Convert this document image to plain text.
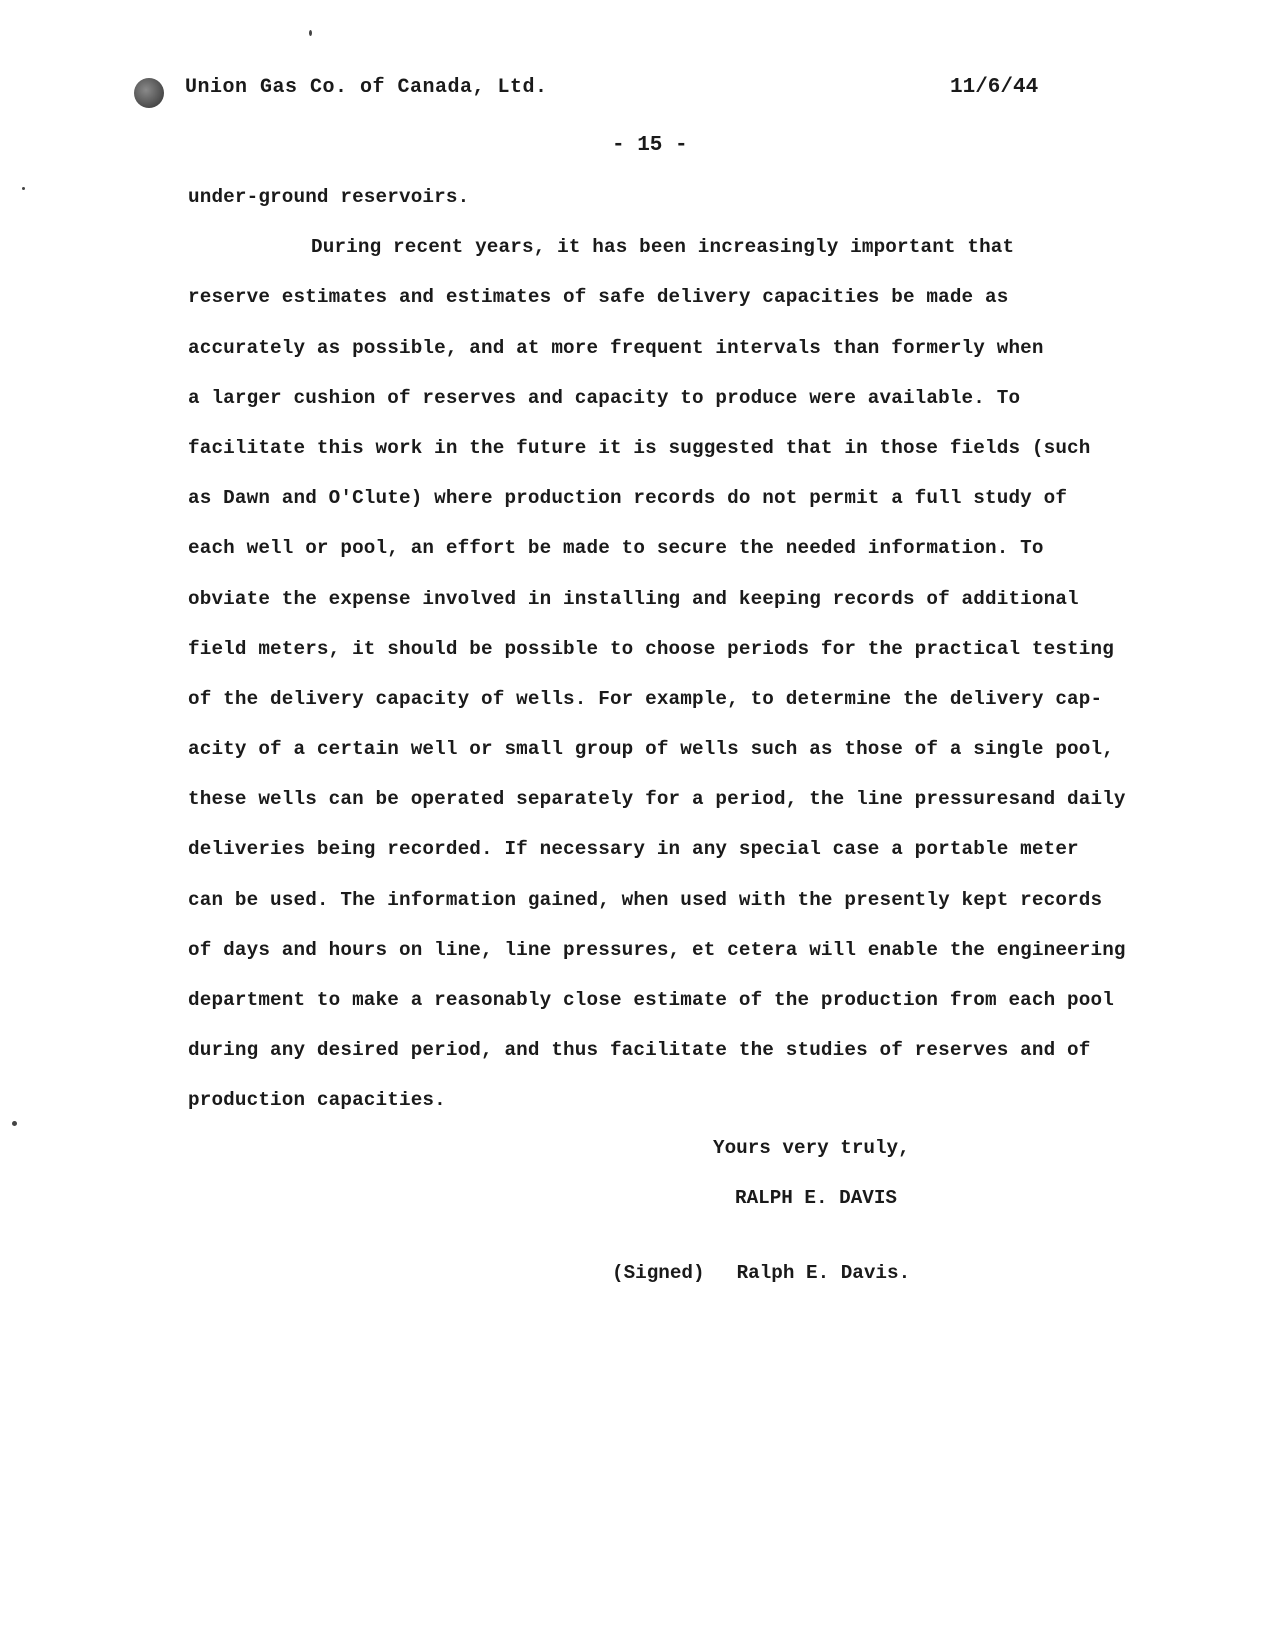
Union Gas Co. of Canada, Ltd.	11/6/44
- 15 -
under-ground reservoirs.
During recent years, it has been increasingly important that
reserve estimates and estimates of safe delivery capacities be made as
accurately as possible, and at more frequent intervals than formerly when
a larger cushion of reserves and capacity to produce were available. To
facilitate this work in the future it is suggested that in those fields (such
as Dawn and O'Clute) where production records do not permit a full study of
each well or pool, an effort be made to secure the needed information. To
obviate the expense involved in installing and keeping records of additional
field meters, it should be possible to choose periods for the practical testing
of the delivery capacity of wells. For example, to determine the delivery cap-
acity of a certain well or small group of wells such as those of a single pool,
these wells can be operated separately for a period, the line pressuresand daily
deliveries being recorded. If necessary in any special case a portable meter
can be used. The information gained, when used with the presently kept records
of days and hours on line, line pressures, et cetera will enable the engineering
department to make a reasonably close estimate of the production from each pool
during any desired period, and thus facilitate the studies of reserves and of
production capacities.
Yours very truly,
RALPH E. DAVIS
(Signed) Ralph E. Davis.
